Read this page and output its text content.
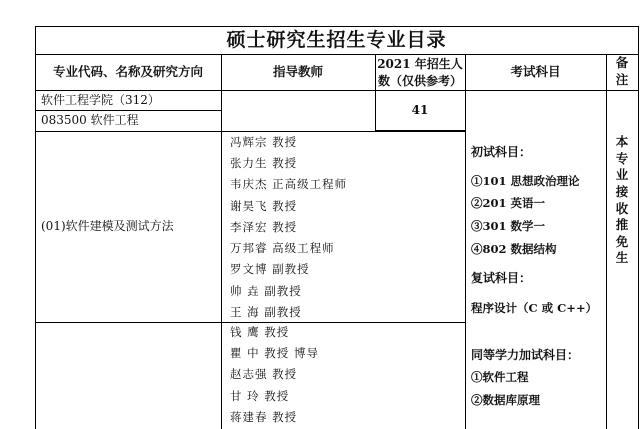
硕士研究生招生专业目录
专业代码、名称及研究方向	指导教师	2021 年招生人
数（仅供参考）
考试科目
备
注
软件工程学院（312）
083500 软件工程
41
(01)软件建模及测试方法
冯辉宗 教授
张力生 教授
韦庆杰 正高级工程师
谢昊飞 教授
李泽宏 教授
万邦睿 高级工程师
罗文博 副教授
帅 垚 副教授
王 海 副教授
钱 鹰 教授
瞿 中 教授 博导
赵志强 教授
甘 玲 教授
蒋建春 教授
初试科目：
①101 思想政治理论
②201 英语一
③301 数学一
④802 数据结构
复试科目：
程序设计（C 或 C++）
同等学力加试科目：
①软件工程
②数据库原理
本专业接收推免生
